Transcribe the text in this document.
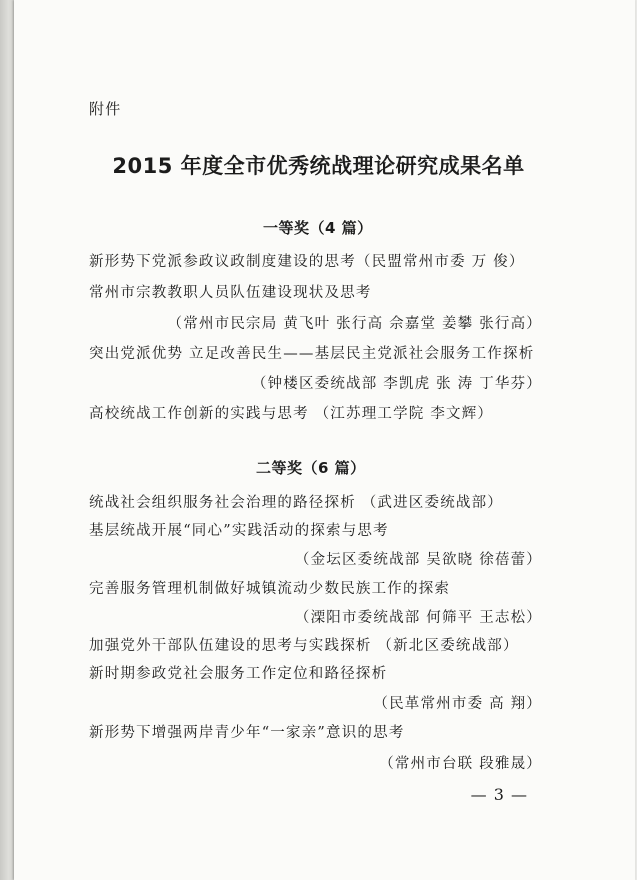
附件
2015 年度全市优秀统战理论研究成果名单
一等奖（4 篇）
新形势下党派参政议政制度建设的思考（民盟常州市委 万 俊）
常州市宗教教职人员队伍建设现状及思考
（常州市民宗局 黄飞叶 张行高 佘嘉堂 姜攀 张行高）
突出党派优势 立足改善民生——基层民主党派社会服务工作探析
（钟楼区委统战部 李凯虎 张 涛 丁华芬）
高校统战工作创新的实践与思考 （江苏理工学院 李文辉）
二等奖（6 篇）
统战社会组织服务社会治理的路径探析 （武进区委统战部）
基层统战开展“同心”实践活动的探索与思考
（金坛区委统战部 吴欲晓 徐蓓蕾）
完善服务管理机制做好城镇流动少数民族工作的探索
（溧阳市委统战部 何筛平 王志松）
加强党外干部队伍建设的思考与实践探析 （新北区委统战部）
新时期参政党社会服务工作定位和路径探析
（民革常州市委 高 翔）
新形势下增强两岸青少年“一家亲”意识的思考
（常州市台联 段雅晟）
— 3 —
